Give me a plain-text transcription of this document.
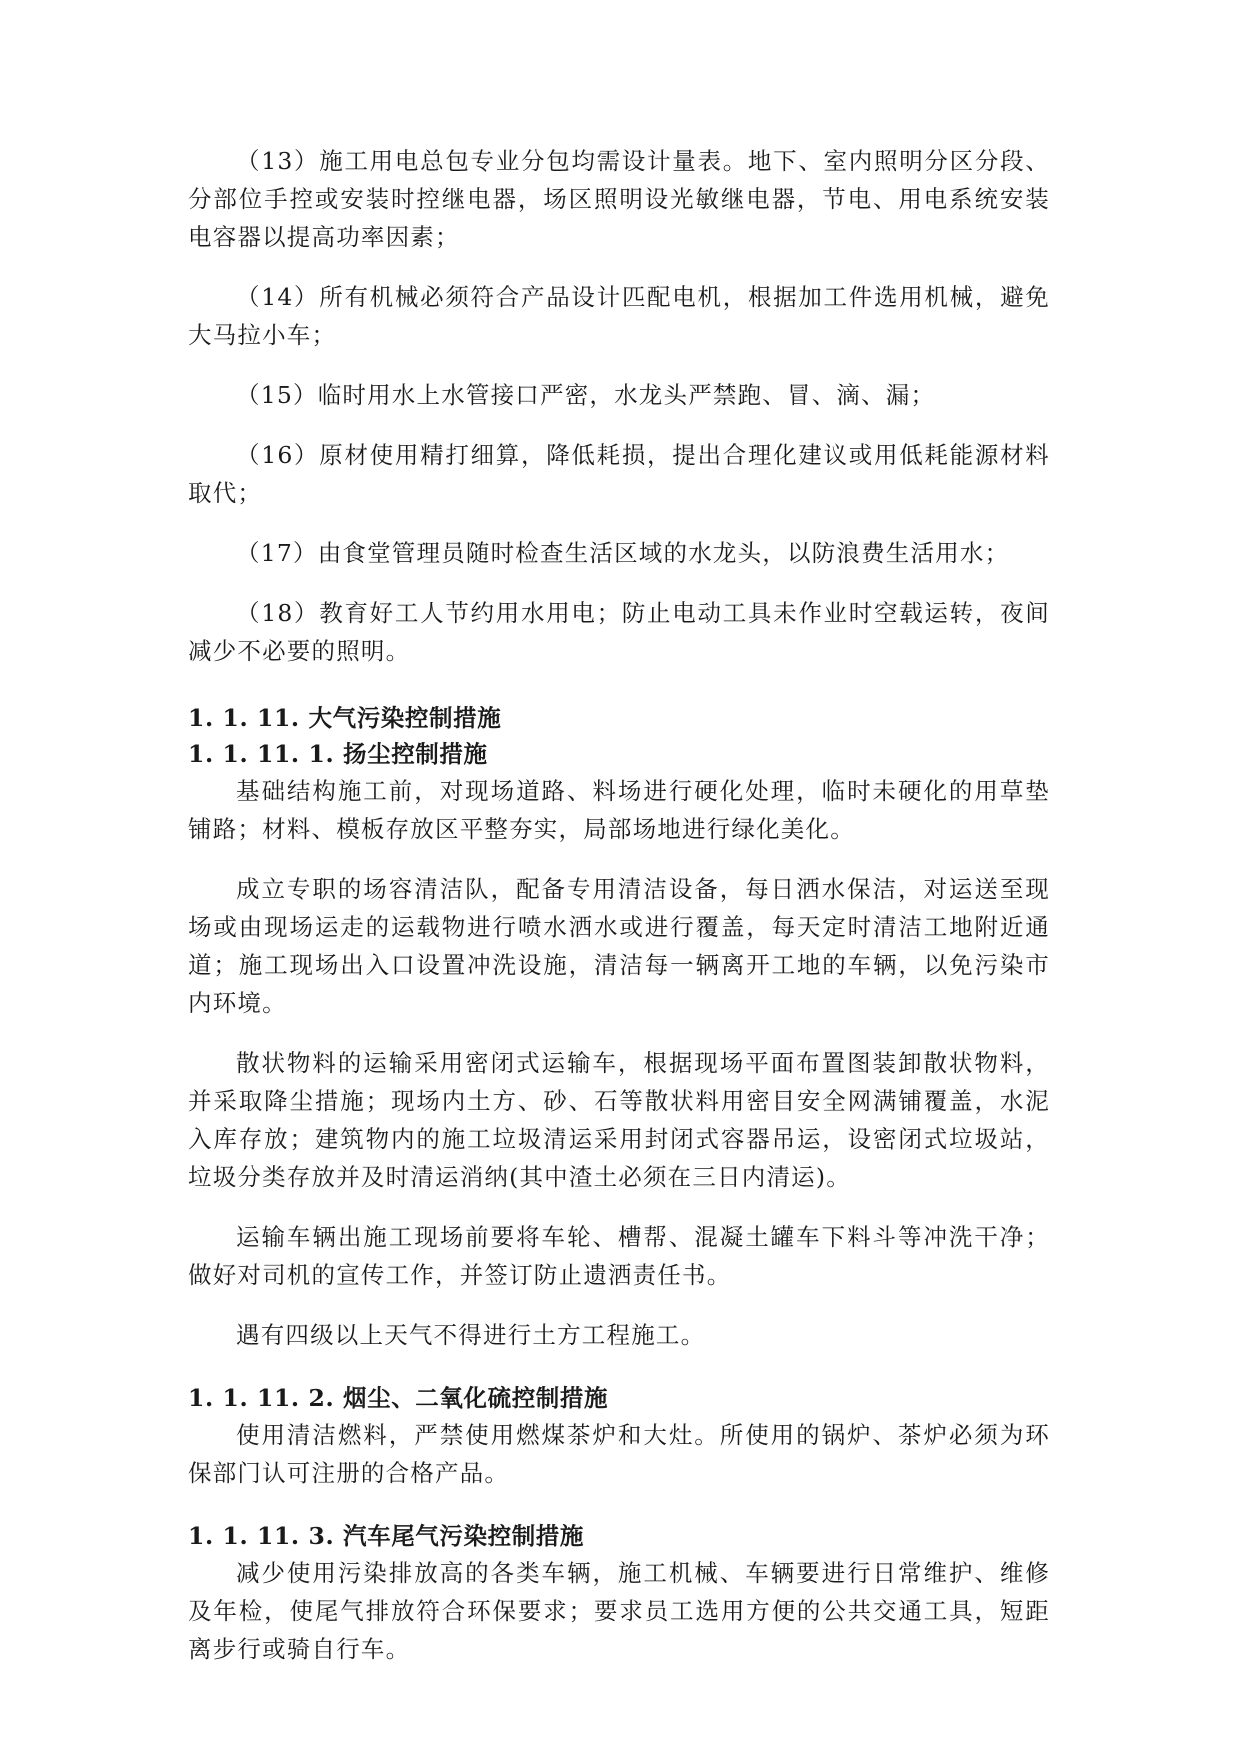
（13）施工用电总包专业分包均需设计量表。地下、室内照明分区分段、分部位手控或安装时控继电器，场区照明设光敏继电器，节电、用电系统安装电容器以提高功率因素；

（14）所有机械必须符合产品设计匹配电机，根据加工件选用机械，避免大马拉小车；

（15）临时用水上水管接口严密，水龙头严禁跑、冒、滴、漏；

（16）原材使用精打细算，降低耗损，提出合理化建议或用低耗能源材料取代；

（17）由食堂管理员随时检查生活区域的水龙头，以防浪费生活用水；

（18）教育好工人节约用水用电；防止电动工具未作业时空载运转，夜间减少不必要的照明。

1. 1. 11. 大气污染控制措施
1. 1. 11. 1. 扬尘控制措施

基础结构施工前，对现场道路、料场进行硬化处理，临时未硬化的用草垫铺路；材料、模板存放区平整夯实，局部场地进行绿化美化。

成立专职的场容清洁队，配备专用清洁设备，每日洒水保洁，对运送至现场或由现场运走的运载物进行喷水洒水或进行覆盖，每天定时清洁工地附近通道；施工现场出入口设置冲洗设施，清洁每一辆离开工地的车辆，以免污染市内环境。

散状物料的运输采用密闭式运输车，根据现场平面布置图装卸散状物料，并采取降尘措施；现场内土方、砂、石等散状料用密目安全网满铺覆盖，水泥入库存放；建筑物内的施工垃圾清运采用封闭式容器吊运，设密闭式垃圾站，垃圾分类存放并及时清运消纳(其中渣土必须在三日内清运)。

运输车辆出施工现场前要将车轮、槽帮、混凝土罐车下料斗等冲洗干净；做好对司机的宣传工作，并签订防止遗洒责任书。

遇有四级以上天气不得进行土方工程施工。

1. 1. 11. 2. 烟尘、二氧化硫控制措施

使用清洁燃料，严禁使用燃煤茶炉和大灶。所使用的锅炉、茶炉必须为环保部门认可注册的合格产品。

1. 1. 11. 3. 汽车尾气污染控制措施

减少使用污染排放高的各类车辆，施工机械、车辆要进行日常维护、维修及年检，使尾气排放符合环保要求；要求员工选用方便的公共交通工具，短距离步行或骑自行车。
